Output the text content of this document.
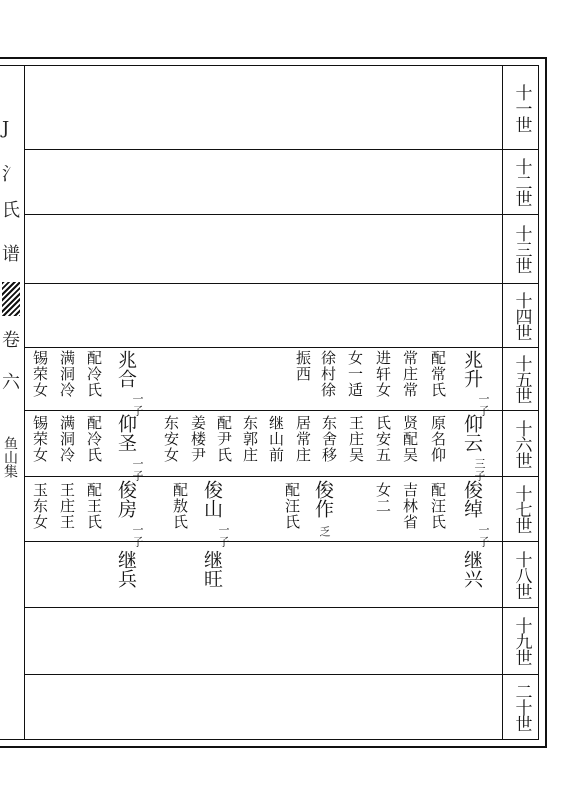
十一世
十二世
十三世
十四世
十五世
十六世
十七世
十八世
十九世
二十世
J
氵
氏
谱
卷
六
鱼山集
兆升
一子
配常氏
常庄常
进轩女
女一适
徐村徐
振西
仰云
三子
原名仰
贤配吴
氏安五
王庄吴
东舍移
居常庄
继山前
东郭庄
配尹氏
姜楼尹
东安女
俊绰
一子
配汪氏
吉林省
女二
俊作
乏
配汪氏
俊山
一子
配敖氏
继兴
继旺
兆合
一子
配冷氏
满洞冷
锡荣女
仰圣
一子
配冷氏
满洞冷
锡荣女
俊房
一子
配王氏
王庄王
玉东女
继兵
